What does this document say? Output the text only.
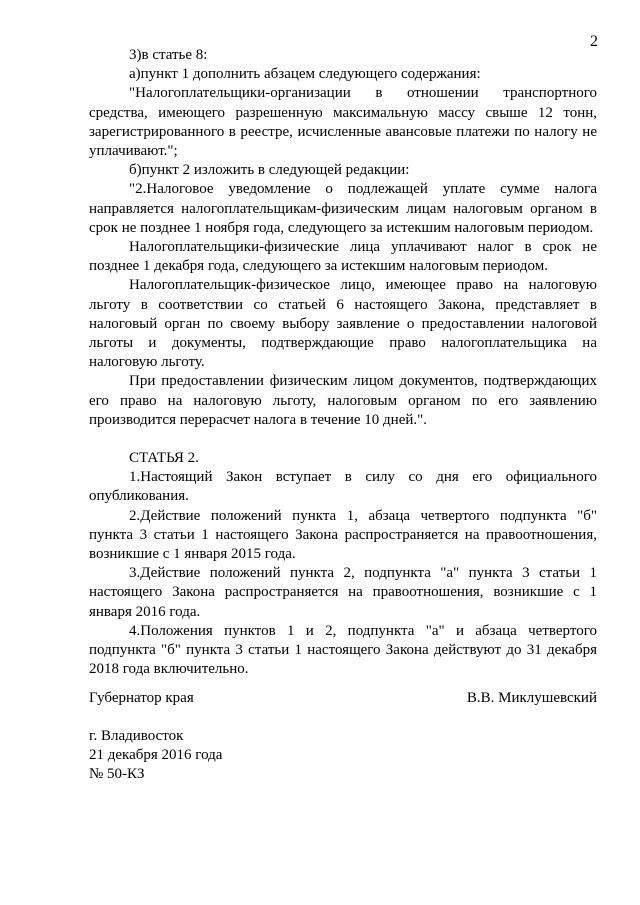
2

3)в статье 8:

а)пункт 1 дополнить абзацем следующего содержания:

"Налогоплательщики-организации в отношении транспортного средства, имеющего разрешенную максимальную массу свыше 12 тонн, зарегистрированного в реестре, исчисленные авансовые платежи по налогу не уплачивают.";

б)пункт 2 изложить в следующей редакции:

"2.Налоговое уведомление о подлежащей уплате сумме налога направляется налогоплательщикам-физическим лицам налоговым органом в срок не позднее 1 ноября года, следующего за истекшим налоговым периодом.

Налогоплательщики-физические лица уплачивают налог в срок не позднее 1 декабря года, следующего за истекшим налоговым периодом.

Налогоплательщик-физическое лицо, имеющее право на налоговую льготу в соответствии со статьей 6 настоящего Закона, представляет в налоговый орган по своему выбору заявление о предоставлении налоговой льготы и документы, подтверждающие право налогоплательщика на налоговую льготу.

При предоставлении физическим лицом документов, подтверждающих его право на налоговую льготу, налоговым органом по его заявлению производится перерасчет налога в течение 10 дней.".

СТАТЬЯ 2.

1.Настоящий Закон вступает в силу со дня его официального опубликования.

2.Действие положений пункта 1, абзаца четвертого подпункта "б" пункта 3 статьи 1 настоящего Закона распространяется на правоотношения, возникшие с 1 января 2015 года.

3.Действие положений пункта 2, подпункта "а" пункта 3 статьи 1 настоящего Закона распространяется на правоотношения, возникшие с 1 января 2016 года.

4.Положения пунктов 1 и 2, подпункта "а" и абзаца четвертого подпункта "б" пункта 3 статьи 1 настоящего Закона действуют до 31 декабря 2018 года включительно.

Губернатор края	В.В. Миклушевский
г. Владивосток
21 декабря 2016 года
№ 50-КЗ
